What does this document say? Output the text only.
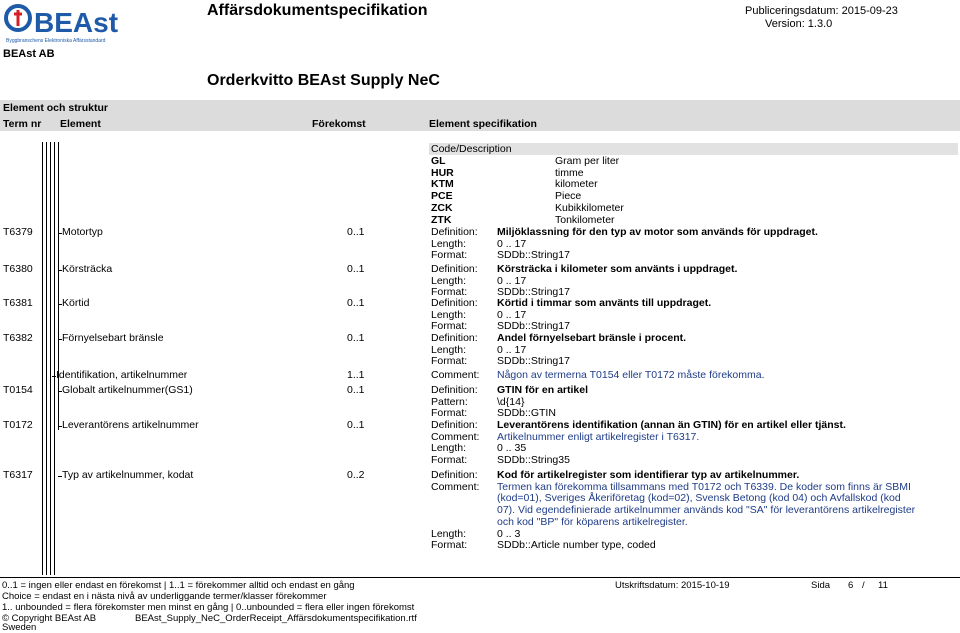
BEAst
Byggbranschens Elektroniska Affärsstandard
Affärsdokumentspecifikation	Publiceringsdatum: 2015-09-23
Version: 1.3.0
BEAst AB
Orderkvitto BEAst Supply NeC
Element och struktur
Term nr Element	Förekomst	Element specifikation
Code/Description
GL	Gram per liter
HUR	timme
KTM	kilometer
PCE	Piece
ZCK	Kubikkilometer
ZTK	Tonkilometer
T6379	Motortyp	0..1	Definition: Miljöklassning för den typ av motor som används för uppdraget.
Length:	0 .. 17
Format:	SDDb::String17
T6380	Körsträcka	0..1	Definition: Körsträcka i kilometer som använts i uppdraget.
Length:	0 .. 17
Format:	SDDb::String17
T6381	Körtid	0..1	Definition: Körtid i timmar som använts till uppdraget.
Length:	0 .. 17
Format:	SDDb::String17
T6382	Förnyelsebart bränsle	0..1	Definition: Andel förnyelsebart bränsle i procent.
Length:	0 .. 17
Format:	SDDb::String17
Identifikation, artikelnummer	1..1	Comment: Någon av termerna T0154 eller T0172 måste förekomma.
T0154	Globalt artikelnummer(GS1)	0..1	Definition: GTIN för en artikel
Pattern:	\d{14}
Format:	SDDb::GTIN
T0172	Leverantörens artikelnummer	0..1	Definition: Leverantörens identifikation (annan än GTIN) för en artikel eller tjänst.
Comment: Artikelnummer enligt artikelregister i T6317.
Length:	0 .. 35
Format:	SDDb::String35
T6317	Typ av artikelnummer, kodat	0..2	Definition: Kod för artikelregister som identifierar typ av artikelnummer.
Comment: Termen kan förekomma tillsammans med T0172 och T6339. De koder som finns är SBMI
(kod=01), Sveriges Åkeriföretag (kod=02), Svensk Betong (kod 04) och Avfallskod (kod
07). Vid egendefinierade artikelnummer används kod "SA" för leverantörens artikelregister
och kod "BP" för köparens artikelregister.
Length:	0 .. 3
Format:	SDDb::Article number type, coded
0..1 = ingen eller endast en förekomst | 1..1 = förekommer alltid och endast en gång
Choice = endast en i nästa nivå av underliggande termer/klasser förekommer
1.. unbounded = flera förekomster men minst en gång | 0..unbounded = flera eller ingen förekomst
© Copyright BEAst AB	BEAst_Supply_NeC_OrderReceipt_Affärsdokumentspecifikation.rtf
Sweden
Utskriftsdatum: 2015-10-19	Sida 6 / 11
